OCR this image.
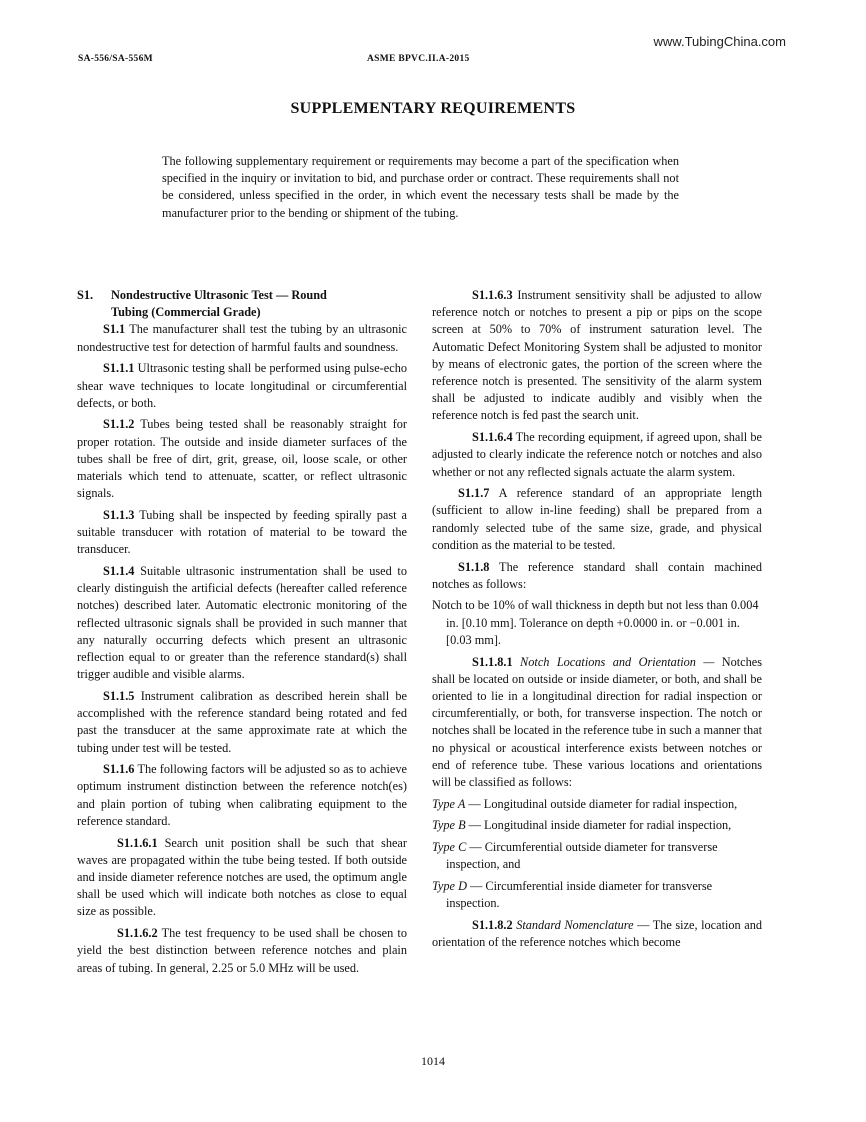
www.TubingChina.com
SA-556/SA-556M	ASME BPVC.II.A-2015
SUPPLEMENTARY REQUIREMENTS

The following supplementary requirement or requirements may become a part of the specification when specified in the inquiry or invitation to bid, and purchase order or contract. These requirements shall not be considered, unless specified in the order, in which event the necessary tests shall be made by the manufacturer prior to the bending or shipment of the tubing.

S1. Nondestructive Ultrasonic Test — Round

Tubing (Commercial Grade)

S1.1 The manufacturer shall test the tubing by an ultrasonic nondestructive test for detection of harmful faults and soundness.

S1.1.1 Ultrasonic testing shall be performed using pulse-echo shear wave techniques to locate longitudinal or circumferential defects, or both.

S1.1.2 Tubes being tested shall be reasonably straight for proper rotation. The outside and inside diameter surfaces of the tubes shall be free of dirt, grit, grease, oil, loose scale, or other materials which tend to attenuate, scatter, or reflect ultrasonic signals.

S1.1.3 Tubing shall be inspected by feeding spirally past a suitable transducer with rotation of material to be toward the transducer.

S1.1.4 Suitable ultrasonic instrumentation shall be used to clearly distinguish the artificial defects (hereafter called reference notches) described later. Automatic electronic monitoring of the reflected ultrasonic signals shall be provided in such manner that any naturally occurring defects which present an ultrasonic reflection equal to or greater than the reference standard(s) shall trigger audible and visible alarms.

S1.1.5 Instrument calibration as described herein shall be accomplished with the reference standard being rotated and fed past the transducer at the same approximate rate at which the tubing under test will be tested.

S1.1.6 The following factors will be adjusted so as to achieve optimum instrument distinction between the reference notch(es) and plain portion of tubing when calibrating equipment to the reference standard.

S1.1.6.1 Search unit position shall be such that shear waves are propagated within the tube being tested. If both outside and inside diameter reference notches are used, the optimum angle shall be used which will indicate both notches as close to equal size as possible.

S1.1.6.2 The test frequency to be used shall be chosen to yield the best distinction between reference notches and plain areas of tubing. In general, 2.25 or 5.0 MHz will be used.

S1.1.6.3 Instrument sensitivity shall be adjusted to allow reference notch or notches to present a pip or pips on the scope screen at 50% to 70% of instrument saturation level. The Automatic Defect Monitoring System shall be adjusted to monitor by means of electronic gates, the portion of the screen where the reference notch is presented. The sensitivity of the alarm system shall be adjusted to indicate audibly and visibly when the reference notch is fed past the search unit.

S1.1.6.4 The recording equipment, if agreed upon, shall be adjusted to clearly indicate the reference notch or notches and also whether or not any reflected signals actuate the alarm system.

S1.1.7 A reference standard of an appropriate length (sufficient to allow in-line feeding) shall be prepared from a randomly selected tube of the same size, grade, and physical condition as the material to be tested.

S1.1.8 The reference standard shall contain machined notches as follows:

Notch to be 10% of wall thickness in depth but not less than 0.004 in. [0.10 mm]. Tolerance on depth +0.0000 in. or −0.001 in. [0.03 mm].

S1.1.8.1 Notch Locations and Orientation — Notches shall be located on outside or inside diameter, or both, and shall be oriented to lie in a longitudinal direction for radial inspection or circumferentially, or both, for transverse inspection. The notch or notches shall be located in the reference tube in such a manner that no physical or acoustical interference exists between notches or end of reference tube. These various locations and orientations will be classified as follows:

Type A — Longitudinal outside diameter for radial inspection,

Type B — Longitudinal inside diameter for radial inspection,

Type C — Circumferential outside diameter for transverse inspection, and

Type D — Circumferential inside diameter for transverse inspection.

S1.1.8.2 Standard Nomenclature — The size, location and orientation of the reference notches which become

1014
